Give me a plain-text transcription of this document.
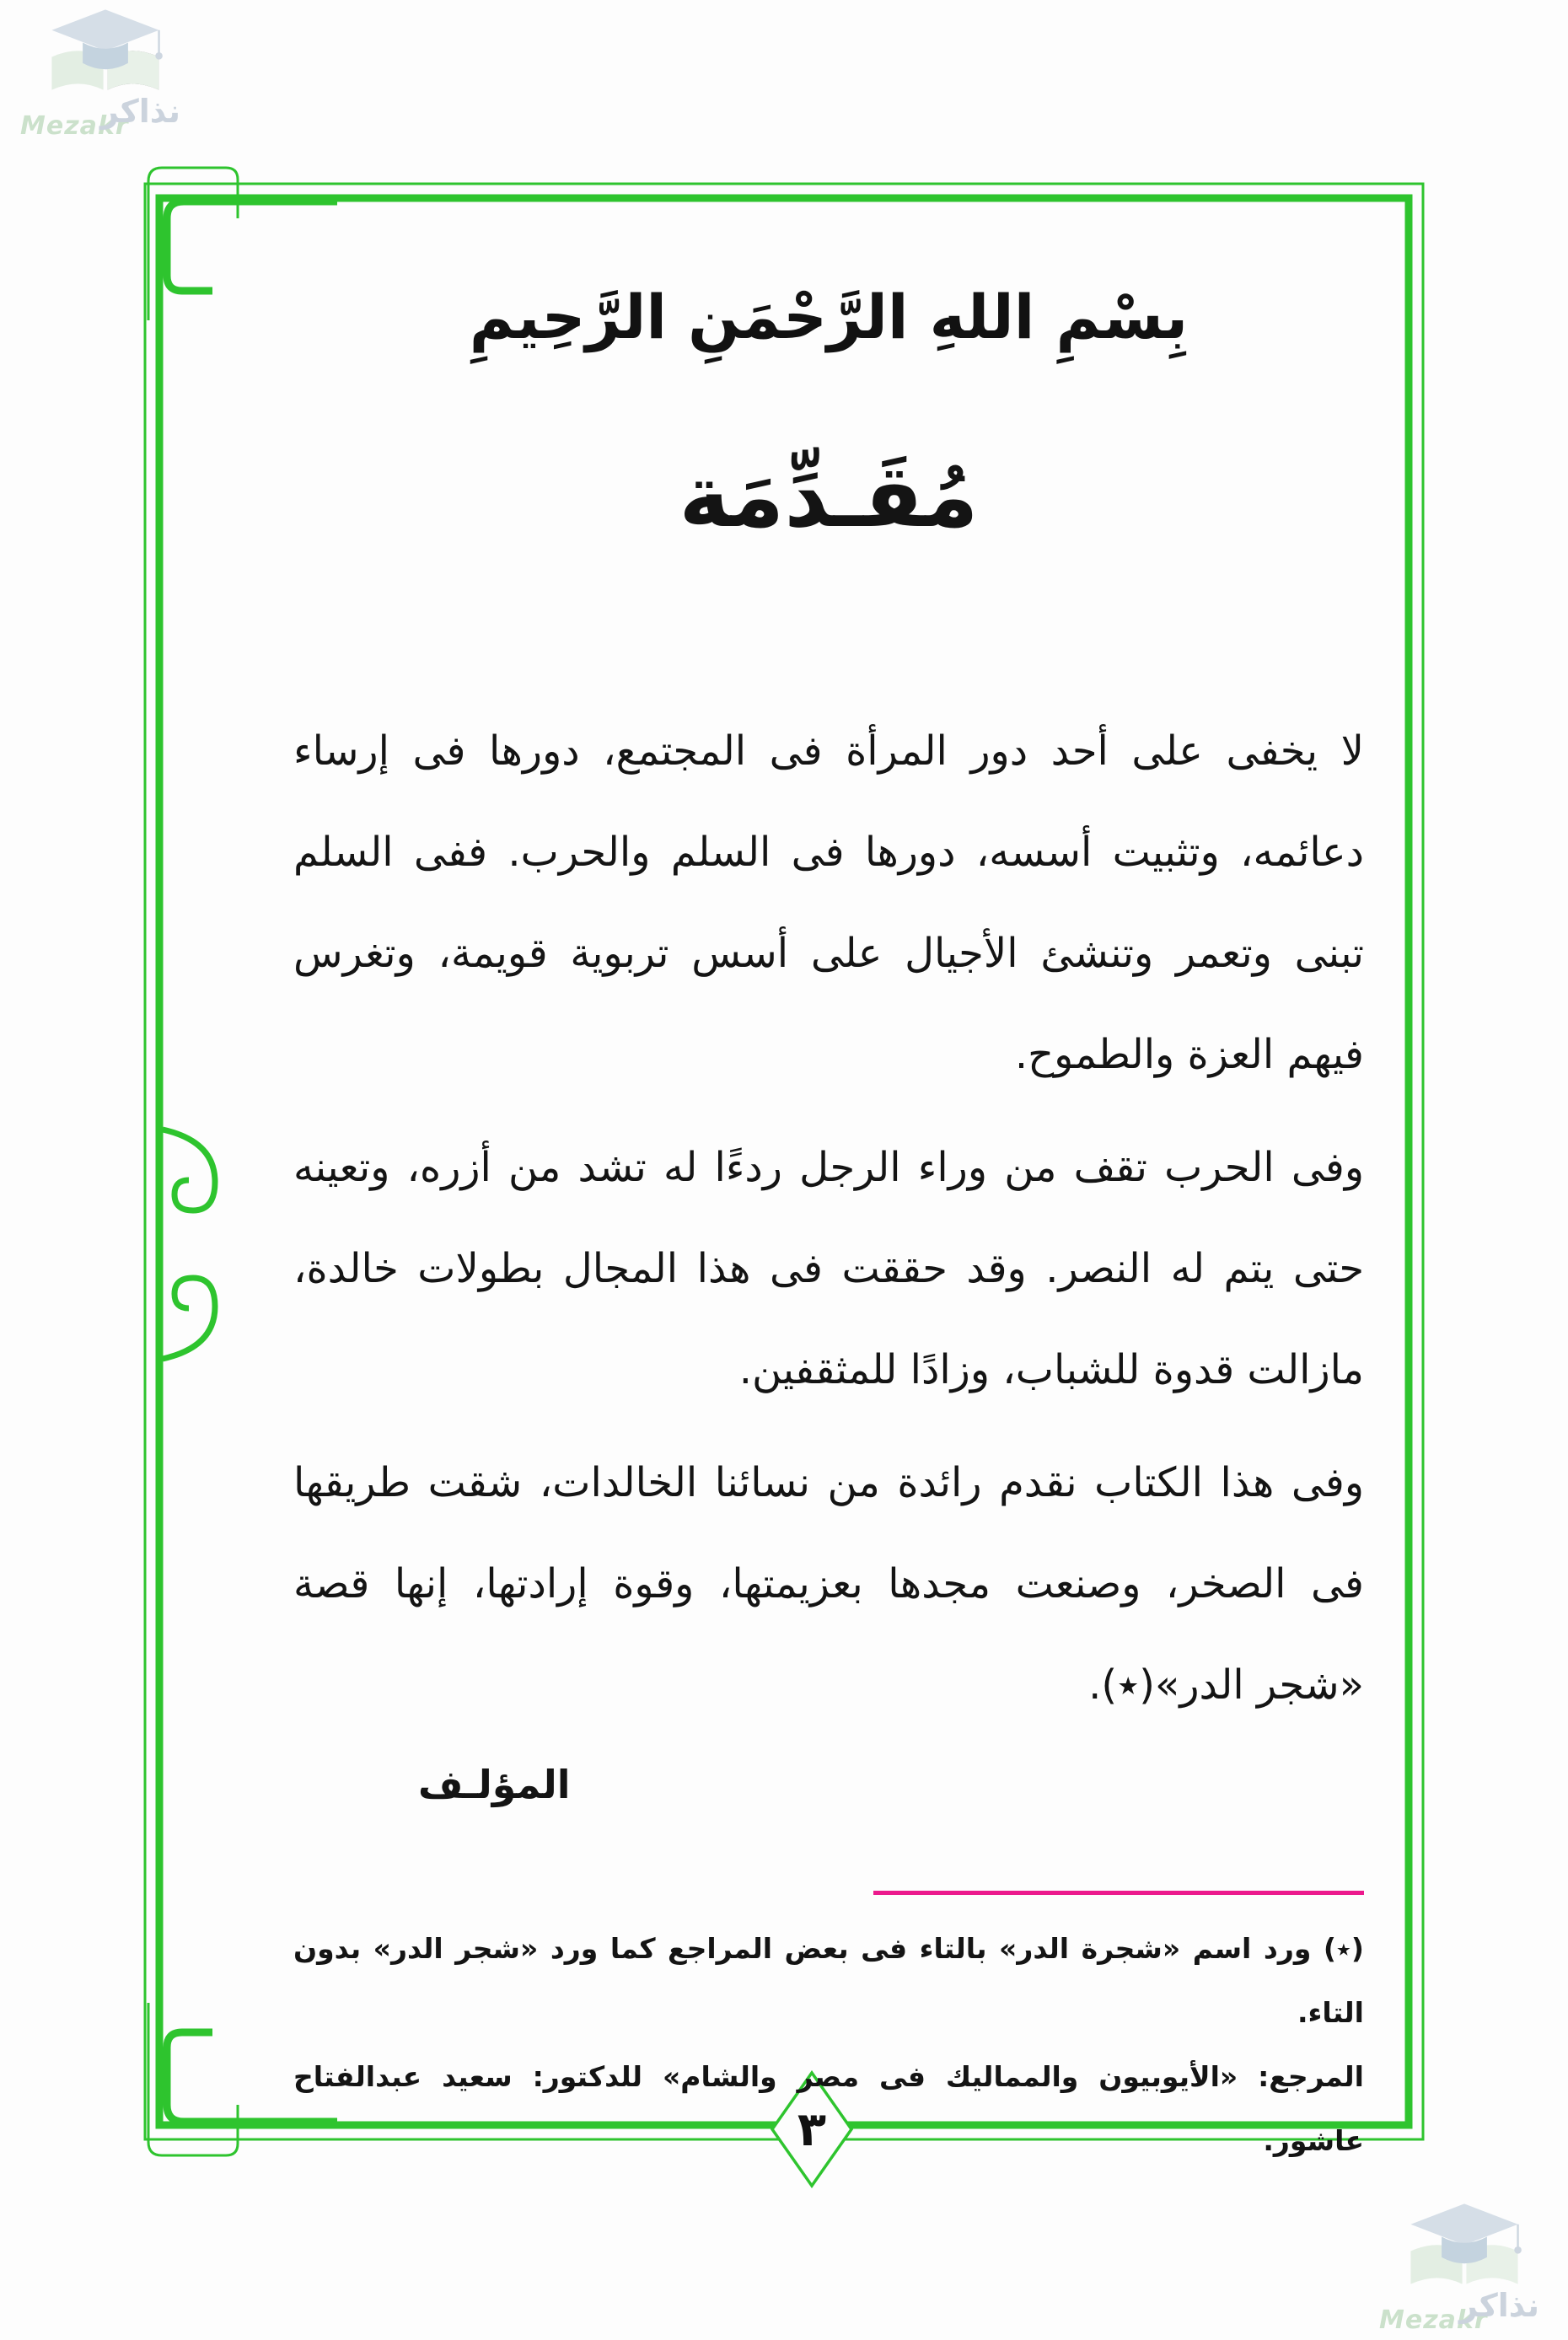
Mezakr
نذاكر
بِسْمِ اللهِ الرَّحْمَنِ الرَّحِيمِ
مُقَـدِّمَة

لا يخفى على أحد دور المرأة فى المجتمع، دورها فى إرساء دعائمه، وتثبيت أسسه، دورها فى السلم والحرب. ففى السلم تبنى وتعمر وتنشئ الأجيال على أسس تربوية قويمة، وتغرس فيهم العزة والطموح.

وفى الحرب تقف من وراء الرجل ردءًا له تشد من أزره، وتعينه حتى يتم له النصر. وقد حققت فى هذا المجال بطولات خالدة، مازالت قدوة للشباب، وزادًا للمثقفين.

وفى هذا الكتاب نقدم رائدة من نسائنا الخالدات، شقت طريقها فى الصخر، وصنعت مجدها بعزيمتها، وقوة إرادتها، إنها قصة «شجر الدر»(٭).

المؤلـف

(٭) ورد اسم «شجرة الدر» بالتاء فى بعض المراجع كما ورد «شجر الدر» بدون التاء.

المرجع: «الأيوبيون والمماليك فى مصر والشام» للدكتور: سعيد عبدالفتاح عاشور.

٣
Mezakr
نذاكر
